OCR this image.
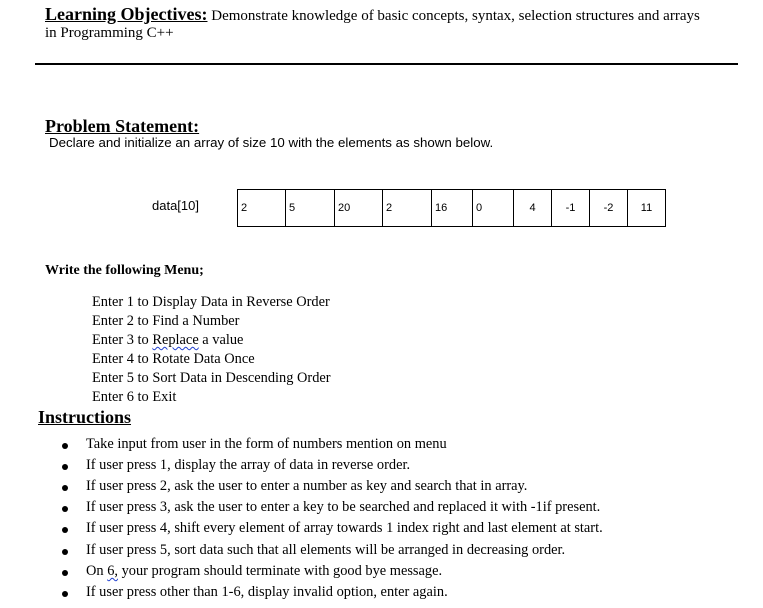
Learning Objectives: Demonstrate knowledge of basic concepts, syntax, selection structures and arrays
in Programming C++
Problem Statement:
Declare and initialize an array of size 10 with the elements as shown below.
data[10]	2	5	20	2	16	0	4	-1	-2	11
Write the following Menu;
Enter 1 to Display Data in Reverse Order
Enter 2 to Find a Number
Enter 3 to Replace a value
Enter 4 to Rotate Data Once
Enter 5 to Sort Data in Descending Order
Enter 6 to Exit
Instructions
Take input from user in the form of numbers mention on menu
If user press 1, display the array of data in reverse order.
If user press 2, ask the user to enter a number as key and search that in array.
If user press 3, ask the user to enter a key to be searched and replaced it with -1if present.
If user press 4, shift every element of array towards 1 index right and last element at start.
If user press 5, sort data such that all elements will be arranged in decreasing order.
On 6, your program should terminate with good bye message.
If user press other than 1-6, display invalid option, enter again.
